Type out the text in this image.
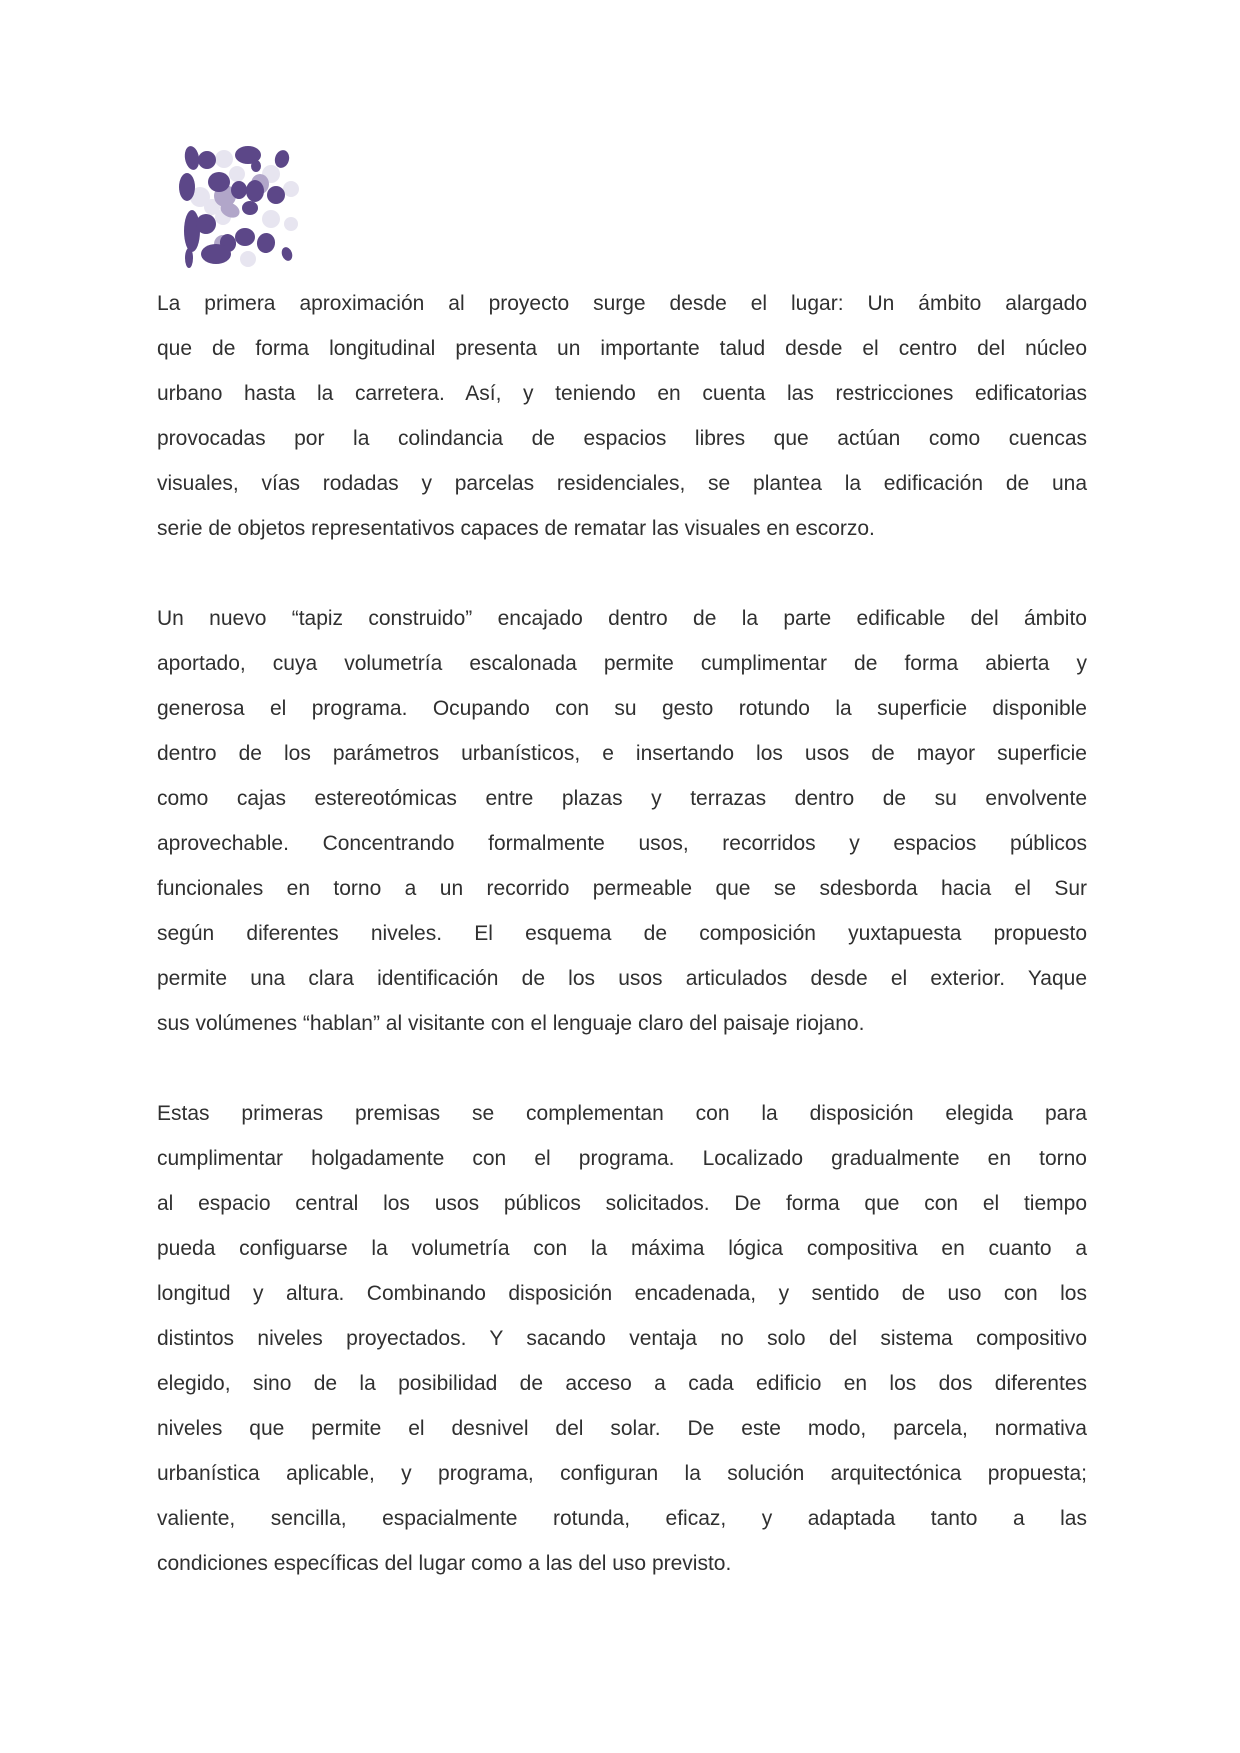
La primera aproximación al proyecto surge desde el lugar: Un ámbito alargado
que de forma longitudinal presenta un importante talud desde el centro del núcleo
urbano hasta la carretera. Así, y teniendo en cuenta las restricciones edificatorias
provocadas por la colindancia de espacios libres que actúan como cuencas
visuales, vías rodadas y parcelas residenciales, se plantea la edificación de una
serie de objetos representativos capaces de rematar las visuales en escorzo.
Un nuevo “tapiz construido” encajado dentro de la parte edificable del ámbito
aportado, cuya volumetría escalonada permite cumplimentar de forma abierta y
generosa el programa. Ocupando con su gesto rotundo la superficie disponible
dentro de los parámetros urbanísticos, e insertando los usos de mayor superficie
como cajas estereotómicas entre plazas y terrazas dentro de su envolvente
aprovechable. Concentrando formalmente usos, recorridos y espacios públicos
funcionales en torno a un recorrido permeable que se sdesborda hacia el Sur
según diferentes niveles. El esquema de composición yuxtapuesta propuesto
permite una clara identificación de los usos articulados desde el exterior. Yaque
sus volúmenes “hablan” al visitante con el lenguaje claro del paisaje riojano.
Estas primeras premisas se complementan con la disposición elegida para
cumplimentar holgadamente con el programa. Localizado gradualmente en torno
al espacio central los usos públicos solicitados. De forma que con el tiempo
pueda configuarse la volumetría con la máxima lógica compositiva en cuanto a
longitud y altura. Combinando disposición encadenada, y sentido de uso con los
distintos niveles proyectados. Y sacando ventaja no solo del sistema compositivo
elegido, sino de la posibilidad de acceso a cada edificio en los dos diferentes
niveles que permite el desnivel del solar. De este modo, parcela, normativa
urbanística aplicable, y programa, configuran la solución arquitectónica propuesta;
valiente, sencilla, espacialmente rotunda, eficaz, y adaptada tanto a las
condiciones específicas del lugar como a las del uso previsto.
